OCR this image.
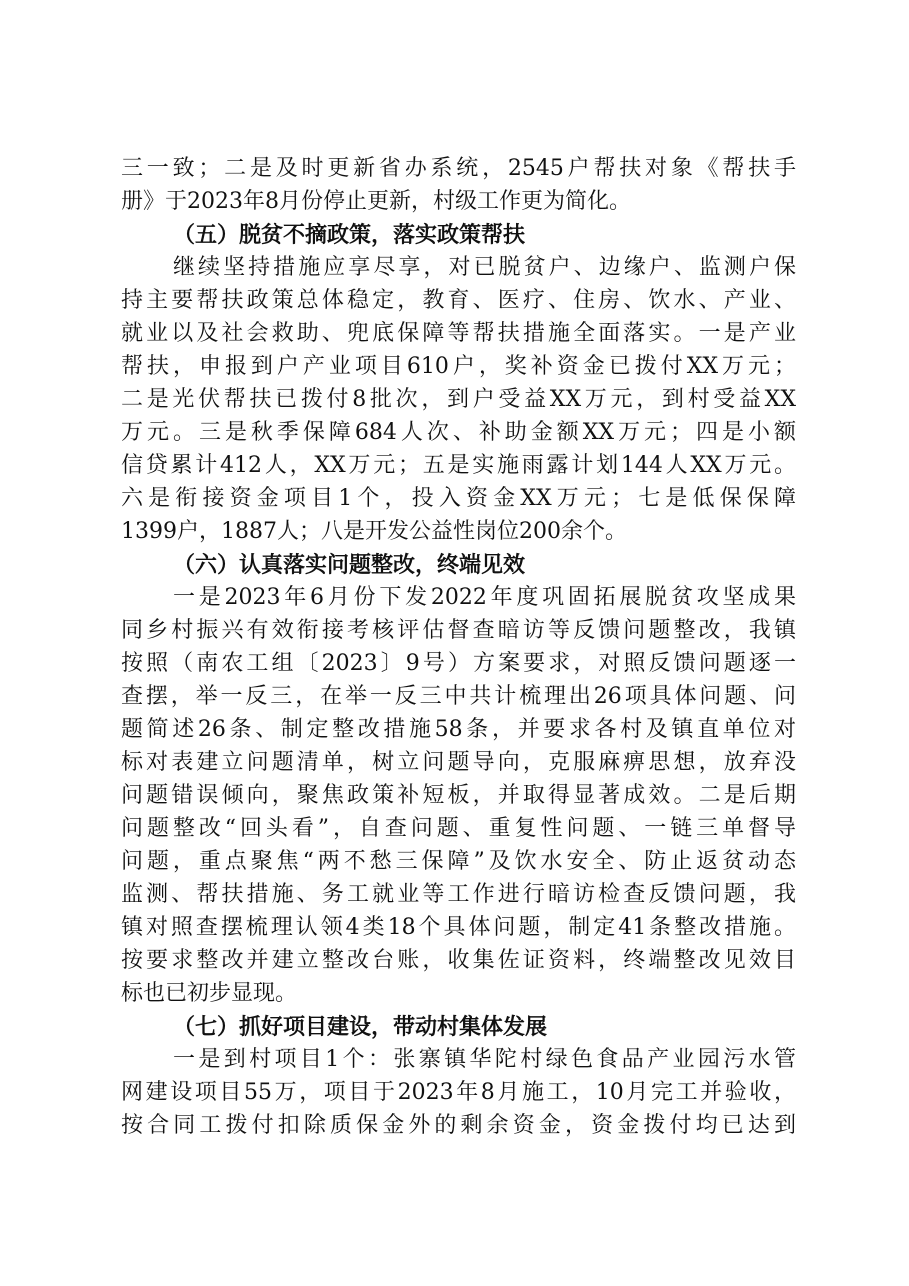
三一致；二是及时更新省办系统，2545户帮扶对象《帮扶手
册》于2023年8月份停止更新，村级工作更为简化。
（五）脱贫不摘政策，落实政策帮扶
继续坚持措施应享尽享，对已脱贫户、边缘户、监测户保
持主要帮扶政策总体稳定，教育、医疗、住房、饮水、产业、
就业以及社会救助、兜底保障等帮扶措施全面落实。一是产业
帮扶，申报到户产业项目610户，奖补资金已拨付XX万元；
二是光伏帮扶已拨付8批次，到户受益XX万元，到村受益XX
万元。三是秋季保障684人次、补助金额XX万元；四是小额
信贷累计412人，XX万元；五是实施雨露计划144人XX万元。
六是衔接资金项目1个，投入资金XX万元；七是低保保障
1399户，1887人；八是开发公益性岗位200余个。
（六）认真落实问题整改，终端见效
一是2023年6月份下发2022年度巩固拓展脱贫攻坚成果
同乡村振兴有效衔接考核评估督查暗访等反馈问题整改，我镇
按照（南农工组〔2023〕9号）方案要求，对照反馈问题逐一
查摆，举一反三，在举一反三中共计梳理出26项具体问题、问
题简述26条、制定整改措施58条，并要求各村及镇直单位对
标对表建立问题清单，树立问题导向，克服麻痹思想，放弃没
问题错误倾向，聚焦政策补短板，并取得显著成效。二是后期
问题整改“回头看”，自查问题、重复性问题、一链三单督导
问题，重点聚焦“两不愁三保障”及饮水安全、防止返贫动态
监测、帮扶措施、务工就业等工作进行暗访检查反馈问题，我
镇对照查摆梳理认领4类18个具体问题，制定41条整改措施。
按要求整改并建立整改台账，收集佐证资料，终端整改见效目
标也已初步显现。
（七）抓好项目建设，带动村集体发展
一是到村项目1个：张寨镇华陀村绿色食品产业园污水管
网建设项目55万，项目于2023年8月施工，10月完工并验收，
按合同工拨付扣除质保金外的剩余资金，资金拨付均已达到
